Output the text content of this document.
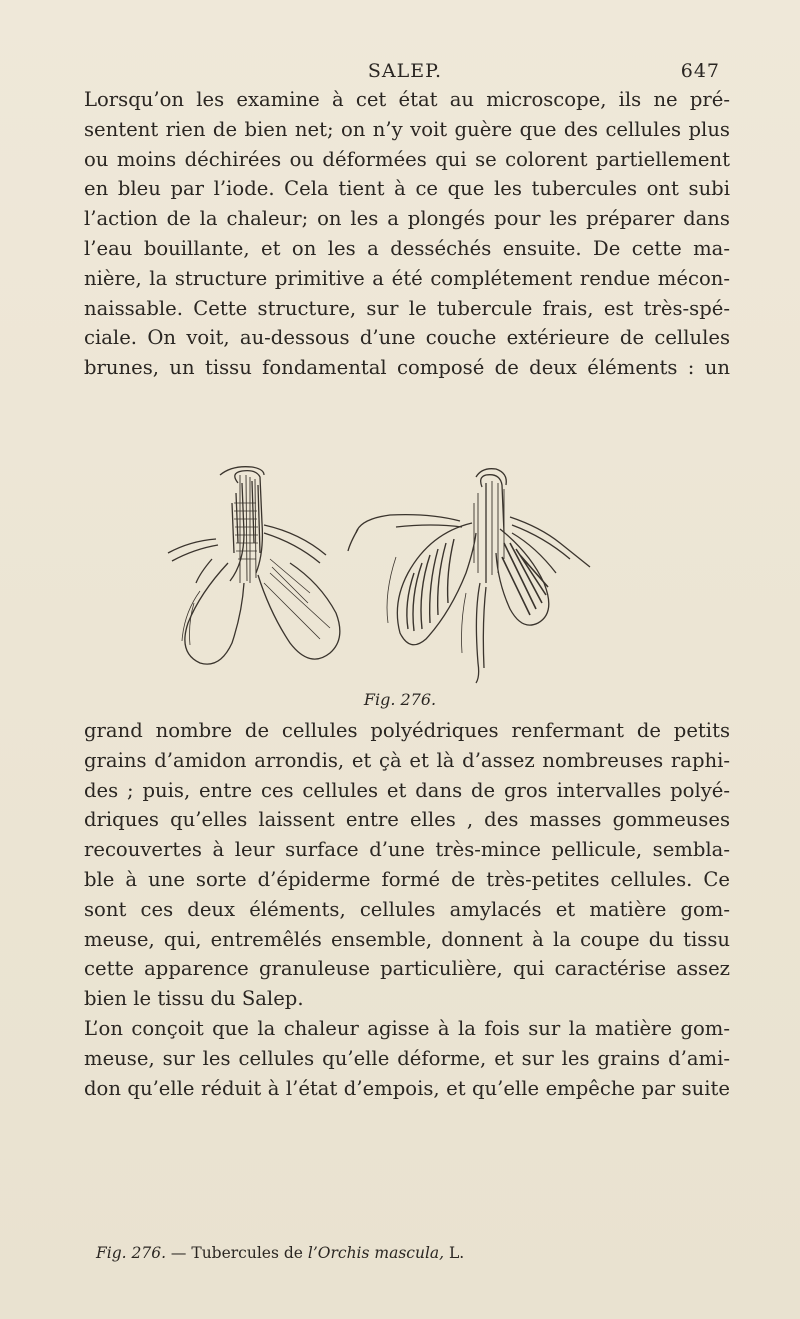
SALEP.	647
Lorsqu’on les examine à cet état au microscope, ils ne pré-
sentent rien de bien net; on n’y voit guère que des cellules plus
ou moins déchirées ou déformées qui se colorent partiellement
en bleu par l’iode. Cela tient à ce que les tubercules ont subi
l’action de la chaleur; on les a plongés pour les préparer dans
l’eau bouillante, et on les a desséchés ensuite. De cette ma-
nière, la structure primitive a été complétement rendue mécon-
naissable. Cette structure, sur le tubercule frais, est très-spé-
ciale. On voit, au-dessous d’une couche extérieure de cellules
brunes, un tissu fondamental composé de deux éléments : un
Fig. 276.
grand nombre de cellules polyédriques renfermant de petits
grains d’amidon arrondis, et çà et là d’assez nombreuses raphi-
des ; puis, entre ces cellules et dans de gros intervalles polyé-
driques qu’elles laissent entre elles , des masses gommeuses
recouvertes à leur surface d’une très-mince pellicule, sembla-
ble à une sorte d’épiderme formé de très-petites cellules. Ce
sont ces deux éléments, cellules amylacés et matière gom-
meuse, qui, entremêlés ensemble, donnent à la coupe du tissu
cette apparence granuleuse particulière, qui caractérise assez
bien le tissu du Salep.
L’on conçoit que la chaleur agisse à la fois sur la matière gom-
meuse, sur les cellules qu’elle déforme, et sur les grains d’ami-
don qu’elle réduit à l’état d’empois, et qu’elle empêche par suite
Fig. 276. — Tubercules de l’Orchis mascula, L.
